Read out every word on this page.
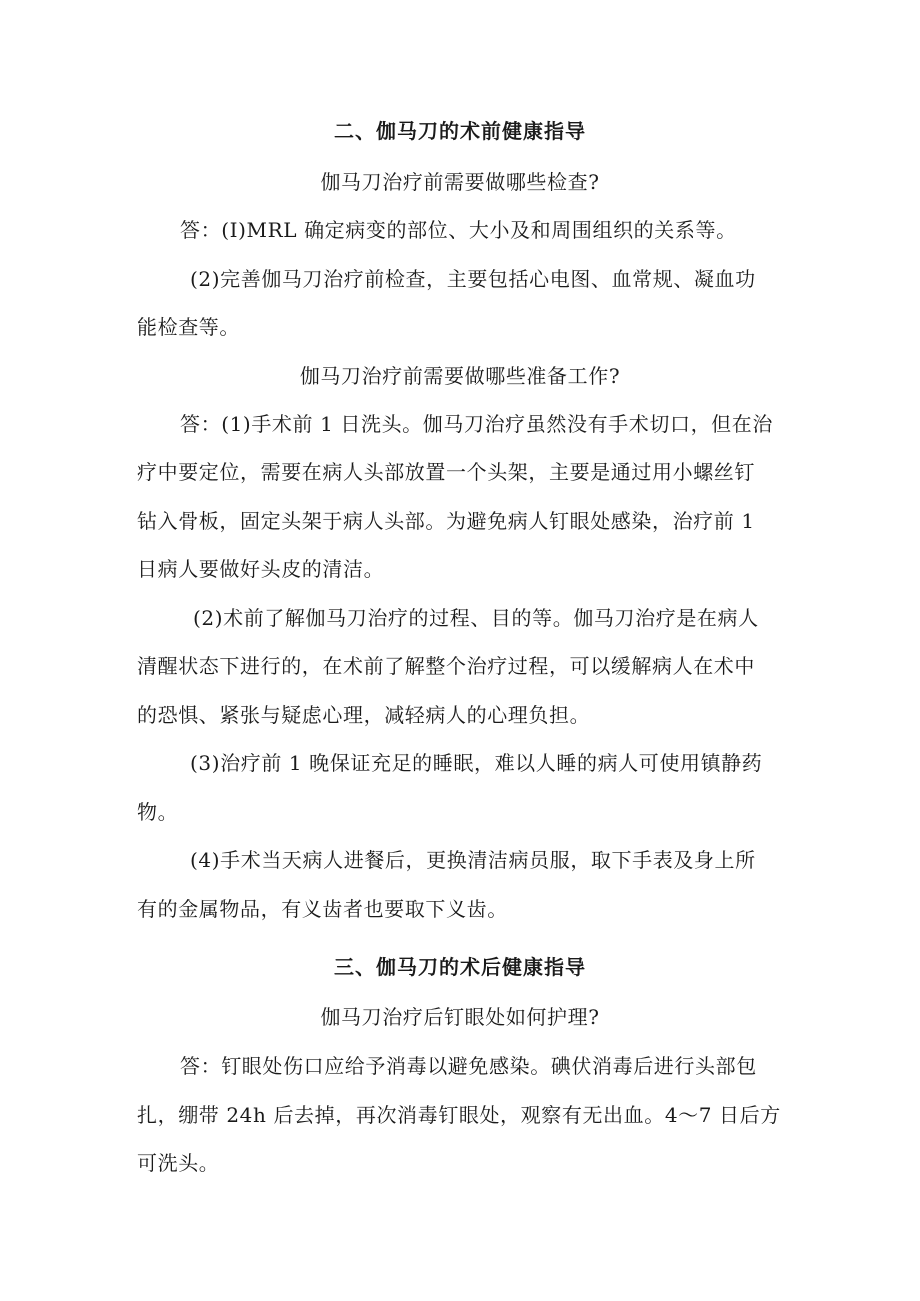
二、伽马刀的术前健康指导
伽马刀治疗前需要做哪些检查?
答：(I)MRL 确定病变的部位、大小及和周围组织的关系等。
(2)完善伽马刀治疗前检查，主要包括心电图、血常规、凝血功
能检查等。
伽马刀治疗前需要做哪些准备工作?
答：(1)手术前 1 日洗头。伽马刀治疗虽然没有手术切口，但在治
疗中要定位，需要在病人头部放置一个头架，主要是通过用小螺丝钉
钻入骨板，固定头架于病人头部。为避免病人钉眼处感染，治疗前 1
日病人要做好头皮的清洁。
(2)术前了解伽马刀治疗的过程、目的等。伽马刀治疗是在病人
清醒状态下进行的，在术前了解整个治疗过程，可以缓解病人在术中
的恐惧、紧张与疑虑心理，减轻病人的心理负担。
(3)治疗前 1 晚保证充足的睡眠，难以人睡的病人可使用镇静药
物。
(4)手术当天病人进餐后，更换清洁病员服，取下手表及身上所
有的金属物品，有义齿者也要取下义齿。
三、伽马刀的术后健康指导
伽马刀治疗后钉眼处如何护理?
答：钉眼处伤口应给予消毒以避免感染。碘伏消毒后进行头部包
扎，绷带 24h 后去掉，再次消毒钉眼处，观察有无出血。4～7 日后方
可洗头。
